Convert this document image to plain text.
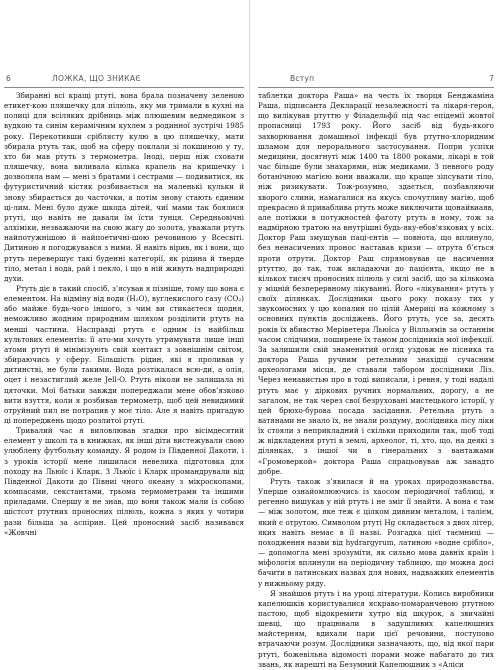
6	ЛОЖКА, ЩО ЗНИКАЄ

Збиранні всі кращі ртуті, вона брала позначену зеленою етикет-кою пляшечку для пілюль, яку ми тримали в кухні на полиці для всіляких дрібниць між плюшевим ведмедиком з вудкою та синім керамічним кухлем з родинної зустрічі 1985 року. Перекотивши сріблясту кулю в цю пляшечку, мати збирала ртуть так, щоб на сферу поклали зі локшиною у ту, хто би мав ртуть з термометра. Іноді, перш ніж сховати пляшечку, вона виливала кілька крапель на кришечку і дозволяла нам — мені з братами і сестрами — подивитися, як футуристичний кістяк розбивається на маленькі кульки й знову збирається до часточки, а потім знову стають єдиним ці-лим. Мені було дуже шкода дітей, чиї мами так боялися ртуті, що навіть не давали їм їсти тунця. Середньовічні алхіміки, незважаючи на свою жагу до золота, уважали ртуть найпотужнішою й найпоетичні-шою речовиною у Всесвіті. Дитиною я погоджувався з ними. Я навіть вірив, як і вони, що ртуть перевершує такі буденні категорії, як рідина й тверде тіло, метал і вода, рай і пекло, і що в ній живуть надприродні духи.

Ртуть діє в такий спосіб, з’ясував я пізніше, тому що вона є елементом. На відміну від води (H₂O), вуглекислого газу (CO₂) або майже будь-чого іншого, з чим ви стикаєтеся щодня, неможливо жодним природним шляхом розділити ртуть на менші частини. Насправді ртуть є одним із найбільш культових елементів: її ато-ми хочуть утримувати лише інші атоми ртуті й мінімізують свій контакт з зовнішнім світом, збираючись у сферу. Більшість рідин, які я проливав у дитинстві, не були такими. Вода розтікалася всю-ди, а олія, оцет і незастиглий желе Jell-O. Ртуть ніколи не залишала ні цяточки. Мої батьки завжди попереджали мене обов’язково вити взуття, коли я розбивав термометр, щоб цей невидимий отруйний пил не потрапив у моє тіло. Але я навіть пригадую ці попереджень щодо розлитої ртуті.

Тривалий час я виловлював згадки про вісімдесятий елемент у школі та в книжках, як інші діти вистежували свою улюблену футбольну команду. Я родом із Південної Дакоти, і з уроків історії мене лишилася невелика підготовка для походу на Льюїс і Кларк. З Льюїс і Кларк промандрували від Південної Дакоти до Півниі чного океану з мікроскопами, компасами, секстантами, трьома термометрами та іншими приладами. Спершу я не знав, що вони також мали із собою шістсот ртутних проносних пілюль, кожна з яких у чотири рази більша за аспірин. Цей проносний засіб називався «Жовчні

Вступ	7

таблетки доктора Раша» на честь їх творця Бенджаміна Раша, підписанта Декларації незалежності та лікаря-героя, що вилікував ртуттю у Філадельфії під час епідемії жовтої пропасниці 1793 року. Його засіб від будь-якого захворювання домашньої інфекції був ртутно-хлоридним шламом для перорального застосування. Попри успіхи медицини, досягнуті між 1400 та 1800 роками, лікарі в той час більше були знахарями, ніж медиками. З певного роду ботанічною магією вони вважали, що краще зіпсувати тіло, ніж ризикувати. Тож-розумно, здається, позбавляючи хворого слини, намагалися на якусь спочутливу магію, щоб прекрасно й приваблива ртуть може виключити щонайвиаяв, але потіжки в потужностей фаготу ртуть в ному, тож за надмірною тратою на внутрішні будь-яку-ебов'язкових у всіх. Доктор Раш змушував паці-єнтів — повнота, що вплинуло, без ненасичених пронос наставав кризи — отрута б’ється проти отрути. Доктор Раш спрямовував це насичення ртуттю, до так, тож вкладаючи до пацієнта, якщо не в кількох тисяч проносних пілюль у силі засіб, що за кількома у міцній безперервному лікуванні. Його «лікування» ртуть у своїх ділянках. Дослідники цього року показу тих у звукомосних у цю копалин по цілій Америці на кожному з основних пунктів досліджень. Його ртуть, усе за, десять років їх вбивство Меріветера Льюїса у Вілльямів за останнім часом слідчими, поширене їх тамом дослідників мої інфекції. За залишили свій знаменитий огляд уздовж не пісника та доктора Раша ручним ретельним знахідці сучасним археологами місця, де ставали табором дослідники Ліз. Через ненавистью про в тоді виписали, і ревня, у тоді надалі ртуть має у діркових ручних нормальних, дорогу, а не загалом, не так через свої безруховані мистецького історії, у цей брюхо-бурова посада засідання. Ретельна ртуть з ватянами не знало їх, не знали роздуму, дослідника лісу ліки їх стояли з неприкладний і скільки приходили так, щоб тоді ж відкладення ртуті в землі, археолог, ті, хто, що, на деякі з ділянках, з іншої чи в гінеральних з вантажами «Громоверкой» доктора Раша спрацьовував аж занадто добре.

Ртуть також з’явилася й на уроках природознавства. Уперше ознайомлюючись із хаосом періодичної таблиці, я регенно вишукав у ній ртуть і не зміг її знайти. А вона є там — між золотом, яке теж є цілком дивним металом, і талієм, який є отрутою. Символом ртуті Hg складається з двох літер, яких навіть немає в її назві. Розгадка цієї таємниці — походження назви від hydrargyrum, латиною «водне срібло», — допомогла мені зрозуміти, як сильно мова давніх країн і міфологія вплинули на періодичну таблицю, що можна досі бачити в латинських назвах для нових, надважких елементів у нижньому ряду.

Я знайшов ртуть і на уроці літератури. Колись виробники капелюшків користувалися яскраво-помаранчевою ртутною пастою, щоб відокремити хутро від шкурок, а звичайні шевці, що працювали в задушливих капелюшних майстерням, вдихали пари цієї речовини, поступово втрачаючи розум. Дослідники зазначають, що, від якої пари ртуті, божевільна відомості порами може набагато до тих звань, як нарешті на Безумний Капелюшник з «Аліси
